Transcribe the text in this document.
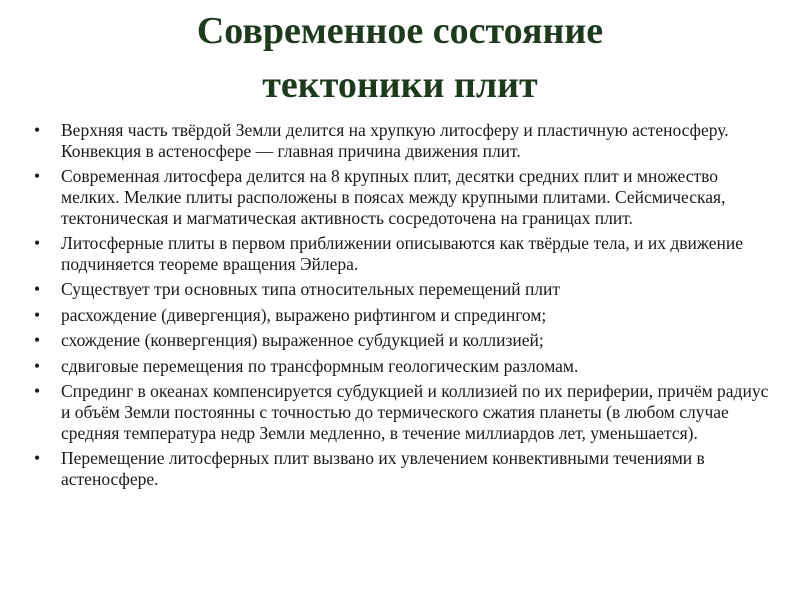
Современное состояние
тектоники плит
• Верхняя часть твёрдой Земли делится на хрупкую литосферу и пластичную астеносферу. Конвекция в астеносфере — главная причина движения плит.
• Современная литосфера делится на 8 крупных плит, десятки средних плит и множество мелких. Мелкие плиты расположены в поясах между крупными плитами. Сейсмическая, тектоническая и магматическая активность сосредоточена на границах плит.
• Литосферные плиты в первом приближении описываются как твёрдые тела, и их движение подчиняется теореме вращения Эйлера.
• Существует три основных типа относительных перемещений плит
• расхождение (дивергенция), выражено рифтингом и спредингом;
• схождение (конвергенция) выраженное субдукцией и коллизией;
• сдвиговые перемещения по трансформным геологическим разломам.
• Спрединг в океанах компенсируется субдукцией и коллизией по их периферии, причём радиус и объём Земли постоянны с точностью до термического сжатия планеты (в любом случае средняя температура недр Земли медленно, в течение миллиардов лет, уменьшается).
• Перемещение литосферных плит вызвано их увлечением конвективными течениями в астеносфере.
